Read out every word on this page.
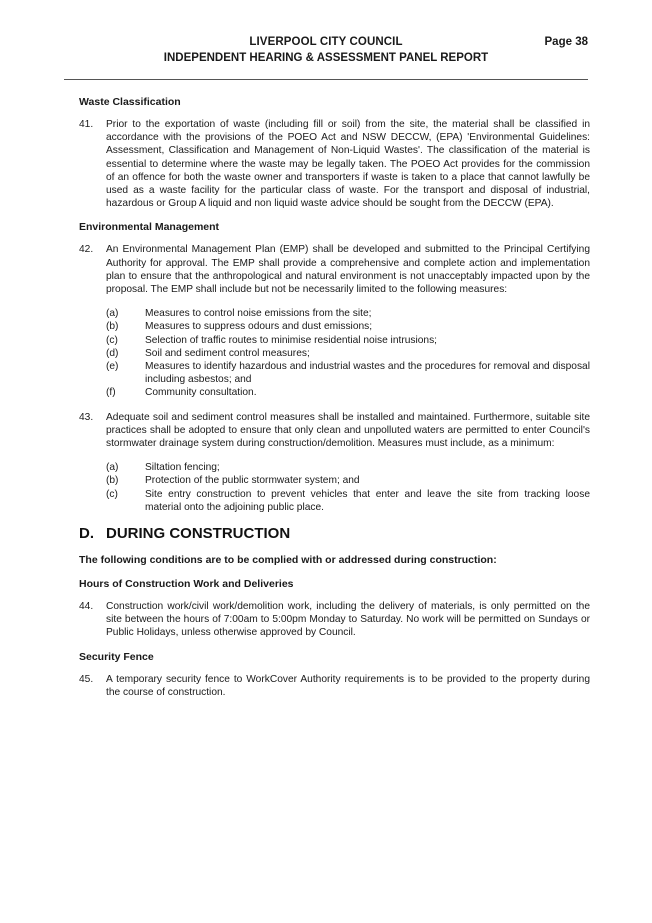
LIVERPOOL CITY COUNCIL	Page 38
INDEPENDENT HEARING & ASSESSMENT PANEL REPORT
Waste Classification
41.	Prior to the exportation of waste (including fill or soil) from the site, the material shall be classified in accordance with the provisions of the POEO Act and NSW DECCW, (EPA) 'Environmental Guidelines: Assessment, Classification and Management of Non-Liquid Wastes'. The classification of the material is essential to determine where the waste may be legally taken. The POEO Act provides for the commission of an offence for both the waste owner and transporters if waste is taken to a place that cannot lawfully be used as a waste facility for the particular class of waste. For the transport and disposal of industrial, hazardous or Group A liquid and non liquid waste advice should be sought from the DECCW (EPA).
Environmental Management
42.	An Environmental Management Plan (EMP) shall be developed and submitted to the Principal Certifying Authority for approval. The EMP shall provide a comprehensive and complete action and implementation plan to ensure that the anthropological and natural environment is not unacceptably impacted upon by the proposal. The EMP shall include but not be necessarily limited to the following measures:
(a)	Measures to control noise emissions from the site;
(b)	Measures to suppress odours and dust emissions;
(c)	Selection of traffic routes to minimise residential noise intrusions;
(d)	Soil and sediment control measures;
(e)	Measures to identify hazardous and industrial wastes and the procedures for removal and disposal including asbestos; and
(f)	Community consultation.
43.	Adequate soil and sediment control measures shall be installed and maintained. Furthermore, suitable site practices shall be adopted to ensure that only clean and unpolluted waters are permitted to enter Council's stormwater drainage system during construction/demolition. Measures must include, as a minimum:
(a)	Siltation fencing;
(b)	Protection of the public stormwater system; and
(c)	Site entry construction to prevent vehicles that enter and leave the site from tracking loose material onto the adjoining public place.
D. DURING CONSTRUCTION
The following conditions are to be complied with or addressed during construction:
Hours of Construction Work and Deliveries
44.	Construction work/civil work/demolition work, including the delivery of materials, is only permitted on the site between the hours of 7:00am to 5:00pm Monday to Saturday. No work will be permitted on Sundays or Public Holidays, unless otherwise approved by Council.
Security Fence
45.	A temporary security fence to WorkCover Authority requirements is to be provided to the property during the course of construction.
